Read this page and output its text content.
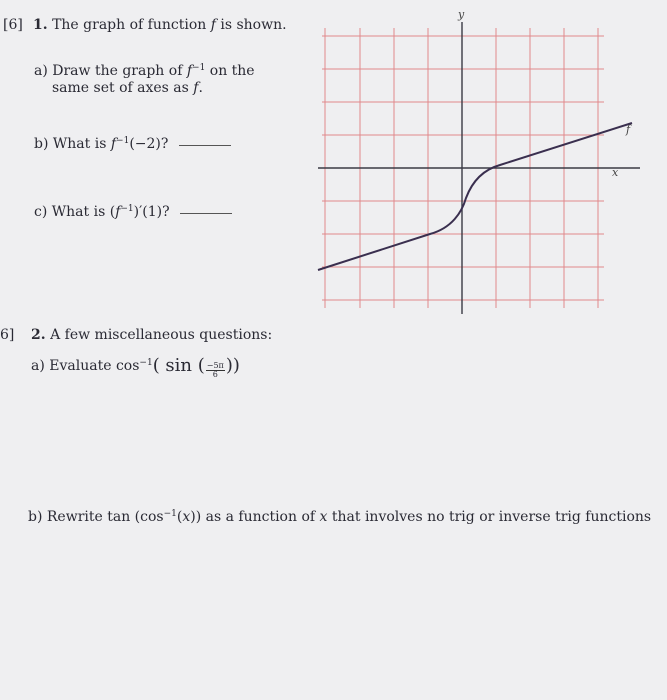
[6] 1. The graph of function f is shown.
a) Draw the graph of $f^{-1}$ on the
same set of axes as f.
b) What is $f^{-1}(-2)$?
c) What is $(f^{-1})'(1)$?
y
x
f
6] 2. A few miscellaneous questions:
a) Evaluate $\cos^{-1}$( sin ( $\frac{-5\pi}{6}$ ))
b) Rewrite $\tan (\cos^{-1}(x))$ as a function of x that involves no trig or inverse trig functions
